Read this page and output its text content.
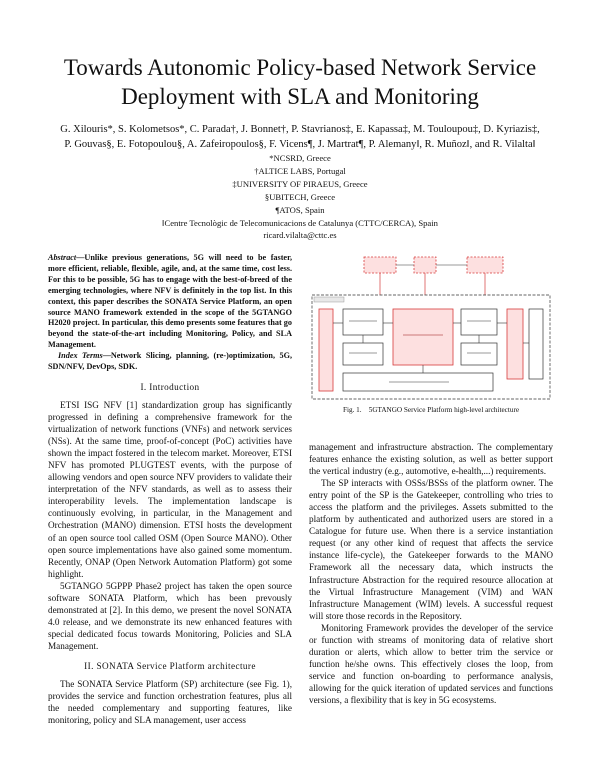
Towards Autonomic Policy-based Network Service
Deployment with SLA and Monitoring
G. Xilouris*, S. Kolometsos*, C. Parada†, J. Bonnet†, P. Stavrianos‡, E. Kapassa‡, M. Touloupou‡, D. Kyriazis‡,
P. Gouvas§, E. Fotopoulou§, A. Zafeiropoulos§, F. Vicens¶, J. Martrat¶, P. Alemany‖, R. Muñoz‖, and R. Vilalta‖
*NCSRD, Greece
†ALTICE LABS, Portugal
‡UNIVERSITY OF PIRAEUS, Greece
§UBITECH, Greece
¶ATOS, Spain
‖Centre Tecnològic de Telecomunicacions de Catalunya (CTTC/CERCA), Spain
ricard.vilalta@cttc.es

Abstract—Unlike previous generations, 5G will need to be faster, more efficient, reliable, flexible, agile, and, at the same time, cost less. For this to be possible, 5G has to engage with the best-of-breed of the emerging technologies, where NFV is definitely in the top list. In this context, this paper describes the SONATA Service Platform, an open source MANO framework extended in the scope of the 5GTANGO H2020 project. In particular, this demo presents some features that go beyond the state-of-the-art including Monitoring, Policy, and SLA Management.

Index Terms—Network Slicing, planning, (re-)optimization, 5G, SDN/NFV, DevOps, SDK.

I. Introduction

ETSI ISG NFV [1] standardization group has significantly progressed in defining a comprehensive framework for the virtualization of network functions (VNFs) and network services (NSs). At the same time, proof-of-concept (PoC) activities have shown the impact fostered in the telecom market. Moreover, ETSI NFV has promoted PLUGTEST events, with the purpose of allowing vendors and open source NFV providers to validate their interpretation of the NFV standards, as well as to assess their interoperability levels. The implementation landscape is continuously evolving, in particular, in the Management and Orchestration (MANO) dimension. ETSI hosts the development of an open source tool called OSM (Open Source MANO). Other open source implementations have also gained some momentum. Recently, ONAP (Open Network Automation Platform) got some highlight.

5GTANGO 5GPPP Phase2 project has taken the open source software SONATA Platform, which has been prevously demonstrated at [2]. In this demo, we present the novel SONATA 4.0 release, and we demonstrate its new enhanced features with special dedicated focus towards Monitoring, Policies and SLA Management.

II. SONATA Service Platform architecture

The SONATA Service Platform (SP) architecture (see Fig. 1), provides the service and function orchestration features, plus all the needed complementary and supporting features, like monitoring, policy and SLA management, user access

Fig. 1. 5GTANGO Service Platform high-level architecture

management and infrastructure abstraction. The complementary features enhance the existing solution, as well as better support the vertical industry (e.g., automotive, e-health,...) requirements.

The SP interacts with OSSs/BSSs of the platform owner. The entry point of the SP is the Gatekeeper, controlling who tries to access the platform and the privileges. Assets submitted to the platform by authenticated and authorized users are stored in a Catalogue for future use. When there is a service instantiation request (or any other kind of request that affects the service instance life-cycle), the Gatekeeper forwards to the MANO Framework all the necessary data, which instructs the Infrastructure Abstraction for the required resource allocation at the Virtual Infrastructure Management (VIM) and WAN Infrastructure Management (WIM) levels. A successful request will store those records in the Repository.

Monitoring Framework provides the developer of the service or function with streams of monitoring data of relative short duration or alerts, which allow to better trim the service or function he/she owns. This effectively closes the loop, from service and function on-boarding to performance analysis, allowing for the quick iteration of updated services and functions versions, a flexibility that is key in 5G ecosystems.
